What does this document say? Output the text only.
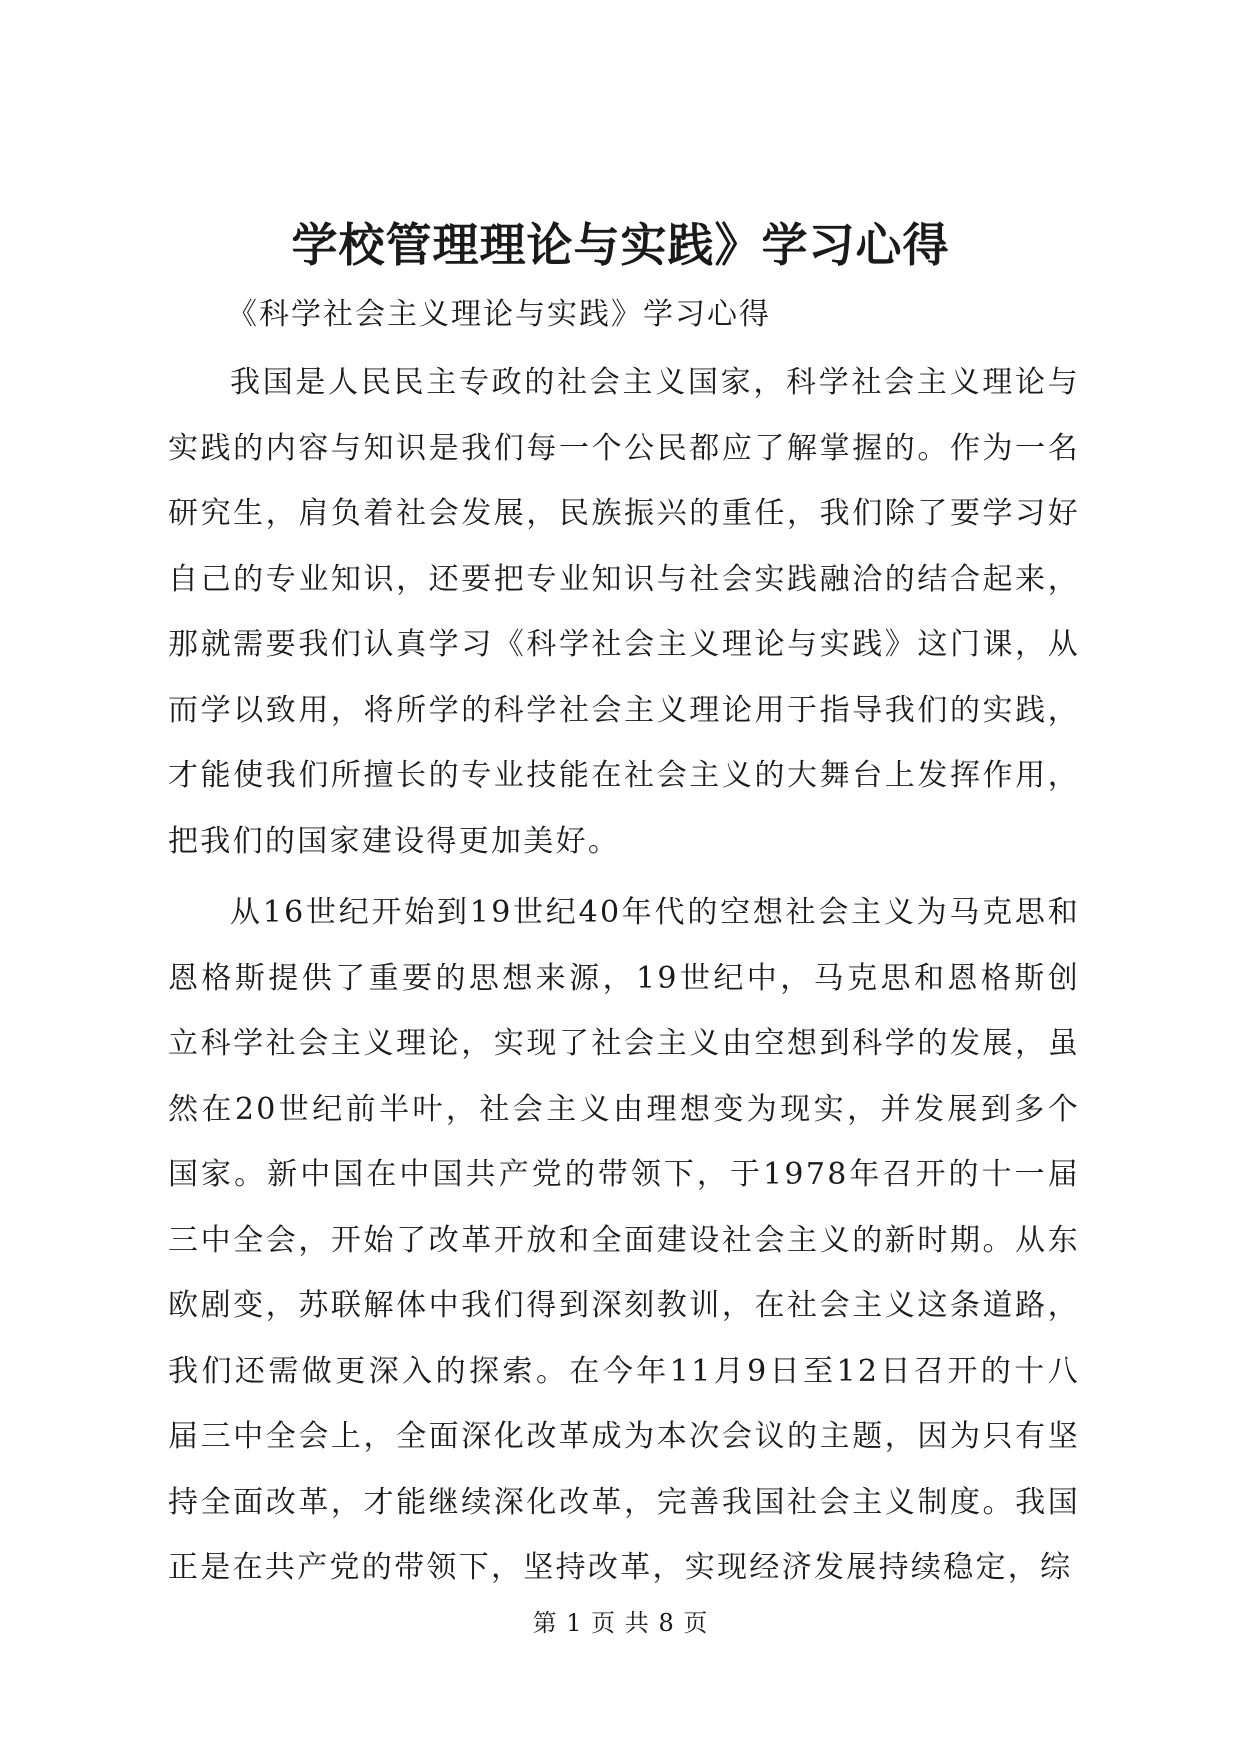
学校管理理论与实践》学习心得

《科学社会主义理论与实践》学习心得

我国是人民民主专政的社会主义国家，科学社会主义理论与实践的内容与知识是我们每一个公民都应了解掌握的。作为一名研究生，肩负着社会发展，民族振兴的重任，我们除了要学习好自己的专业知识，还要把专业知识与社会实践融洽的结合起来，那就需要我们认真学习《科学社会主义理论与实践》这门课，从而学以致用，将所学的科学社会主义理论用于指导我们的实践，才能使我们所擅长的专业技能在社会主义的大舞台上发挥作用，把我们的国家建设得更加美好。

从16世纪开始到19世纪40年代的空想社会主义为马克思和恩格斯提供了重要的思想来源，19世纪中，马克思和恩格斯创立科学社会主义理论，实现了社会主义由空想到科学的发展，虽然在20世纪前半叶，社会主义由理想变为现实，并发展到多个国家。新中国在中国共产党的带领下，于1978年召开的十一届三中全会，开始了改革开放和全面建设社会主义的新时期。从东欧剧变，苏联解体中我们得到深刻教训，在社会主义这条道路，我们还需做更深入的探索。在今年11月9日至12日召开的十八届三中全会上，全面深化改革成为本次会议的主题，因为只有坚持全面改革，才能继续深化改革，完善我国社会主义制度。我国正是在共产党的带领下，坚持改革，实现经济发展持续稳定，综

第 1 页 共 8 页
